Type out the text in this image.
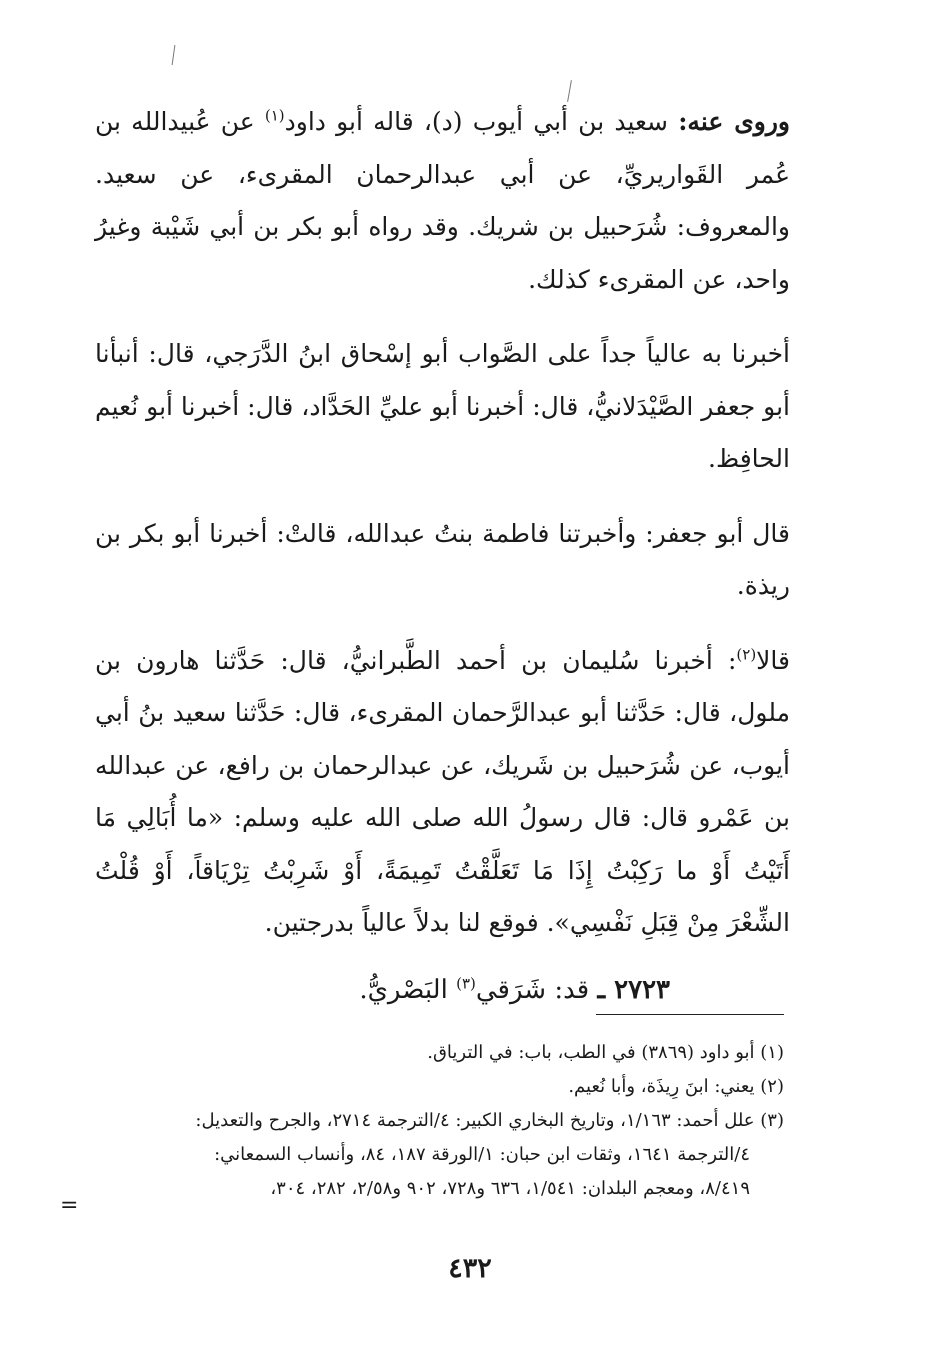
وروى عنه: سعيد بن أبي أيوب (د)، قاله أبو داود$^{(١)}$ عن عُبيدالله بن عُمر القَواريريِّ، عن أبي عبدالرحمان المقرىء، عن سعيد. والمعروف: شُرَحبيل بن شريك. وقد رواه أبو بكر بن أبي شَيْبة وغيرُ واحد، عن المقرىء كذلك.

أخبرنا به عالياً جداً على الصَّواب أبو إسْحاق ابنُ الدَّرَجي، قال: أنبأنا أبو جعفر الصَّيْدَلانيُّ، قال: أخبرنا أبو عليِّ الحَدَّاد، قال: أخبرنا أبو نُعيم الحافِظ.

قال أبو جعفر: وأخبرتنا فاطمة بنتُ عبدالله، قالتْ: أخبرنا أبو بكر بن ريذة.

قالا$^{(٢)}$: أخبرنا سُليمان بن أحمد الطَّبرانيُّ، قال: حَدَّثنا هارون بن ملول، قال: حَدَّثنا أبو عبدالرَّحمان المقرىء، قال: حَدَّثنا سعيد بنُ أبي أيوب، عن شُرَحبيل بن شَريك، عن عبدالرحمان بن رافع، عن عبدالله بن عَمْرو قال: قال رسولُ الله صلى الله عليه وسلم: «ما أُبَالِي مَا أَتَيْتُ أَوْ ما رَكِبْتُ إِذَا مَا تَعَلَّقْتُ تَمِيمَةً، أَوْ شَرِبْتُ تِرْيَاقاً، أَوْ قُلْتُ الشِّعْرَ مِنْ قِبَلِ نَفْسِي». فوقع لنا بدلاً عالياً بدرجتين.

٢٧٢٣ ـ قد: شَرَقي$^{(٣)}$ البَصْريُّ.

(١) أبو داود (٣٨٦٩) في الطب، باب: في الترياق.

(٢) يعني: ابنَ رِيذَة، وأبا نُعيم.

(٣) علل أحمد: ١/١٦٣، وتاريخ البخاري الكبير: ٤/الترجمة ٢٧١٤، والجرح والتعديل:

٤/الترجمة ١٦٤١، وثقات ابن حبان: ١/الورقة ١٨٧، ٨٤، وأنساب السمعاني:

٨/٤١٩، ومعجم البلدان: ١/٥٤١، ٦٣٦ و٧٢٨، ٩٠٢ و٢/٥٨، ٢٨٢، ٣٠٤،

=
٤٣٢
